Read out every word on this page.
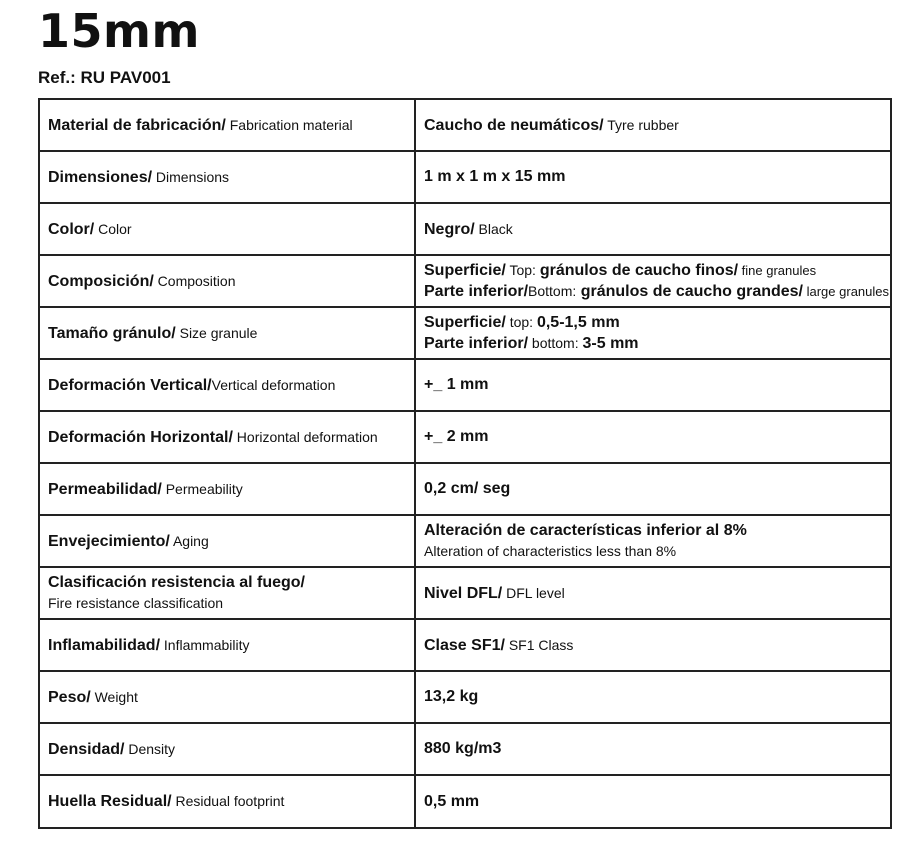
15mm
Ref.: RU PAV001
Material de fabricación/ Fabrication material	Caucho de neumáticos/ Tyre rubber
Dimensiones/ Dimensions	1 m x 1 m x 15 mm
Color/ Color	Negro/ Black
Composición/ Composition	Superficie/ Top: gránulos de caucho finos/ fine granules
Parte inferior/Bottom: gránulos de caucho grandes/ large granules

Tamaño gránulo/ Size granule	Superficie/ top: 0,5-1,5 mm
Parte inferior/ bottom: 3-5 mm

Deformación Vertical/Vertical deformation	+_ 1 mm
Deformación Horizontal/ Horizontal deformation	+_ 2 mm
Permeabilidad/ Permeability	0,2 cm/ seg
Envejecimiento/ Aging	Alteración de características inferior al 8%
Alteration of characteristics less than 8%

Clasificación resistencia al fuego/
Fire resistance classification	Nivel DFL/ DFL level
Inflamabilidad/ Inflammability	Clase SF1/ SF1 Class
Peso/ Weight	13,2 kg
Densidad/ Density	880 kg/m3
Huella Residual/ Residual footprint	0,5 mm
